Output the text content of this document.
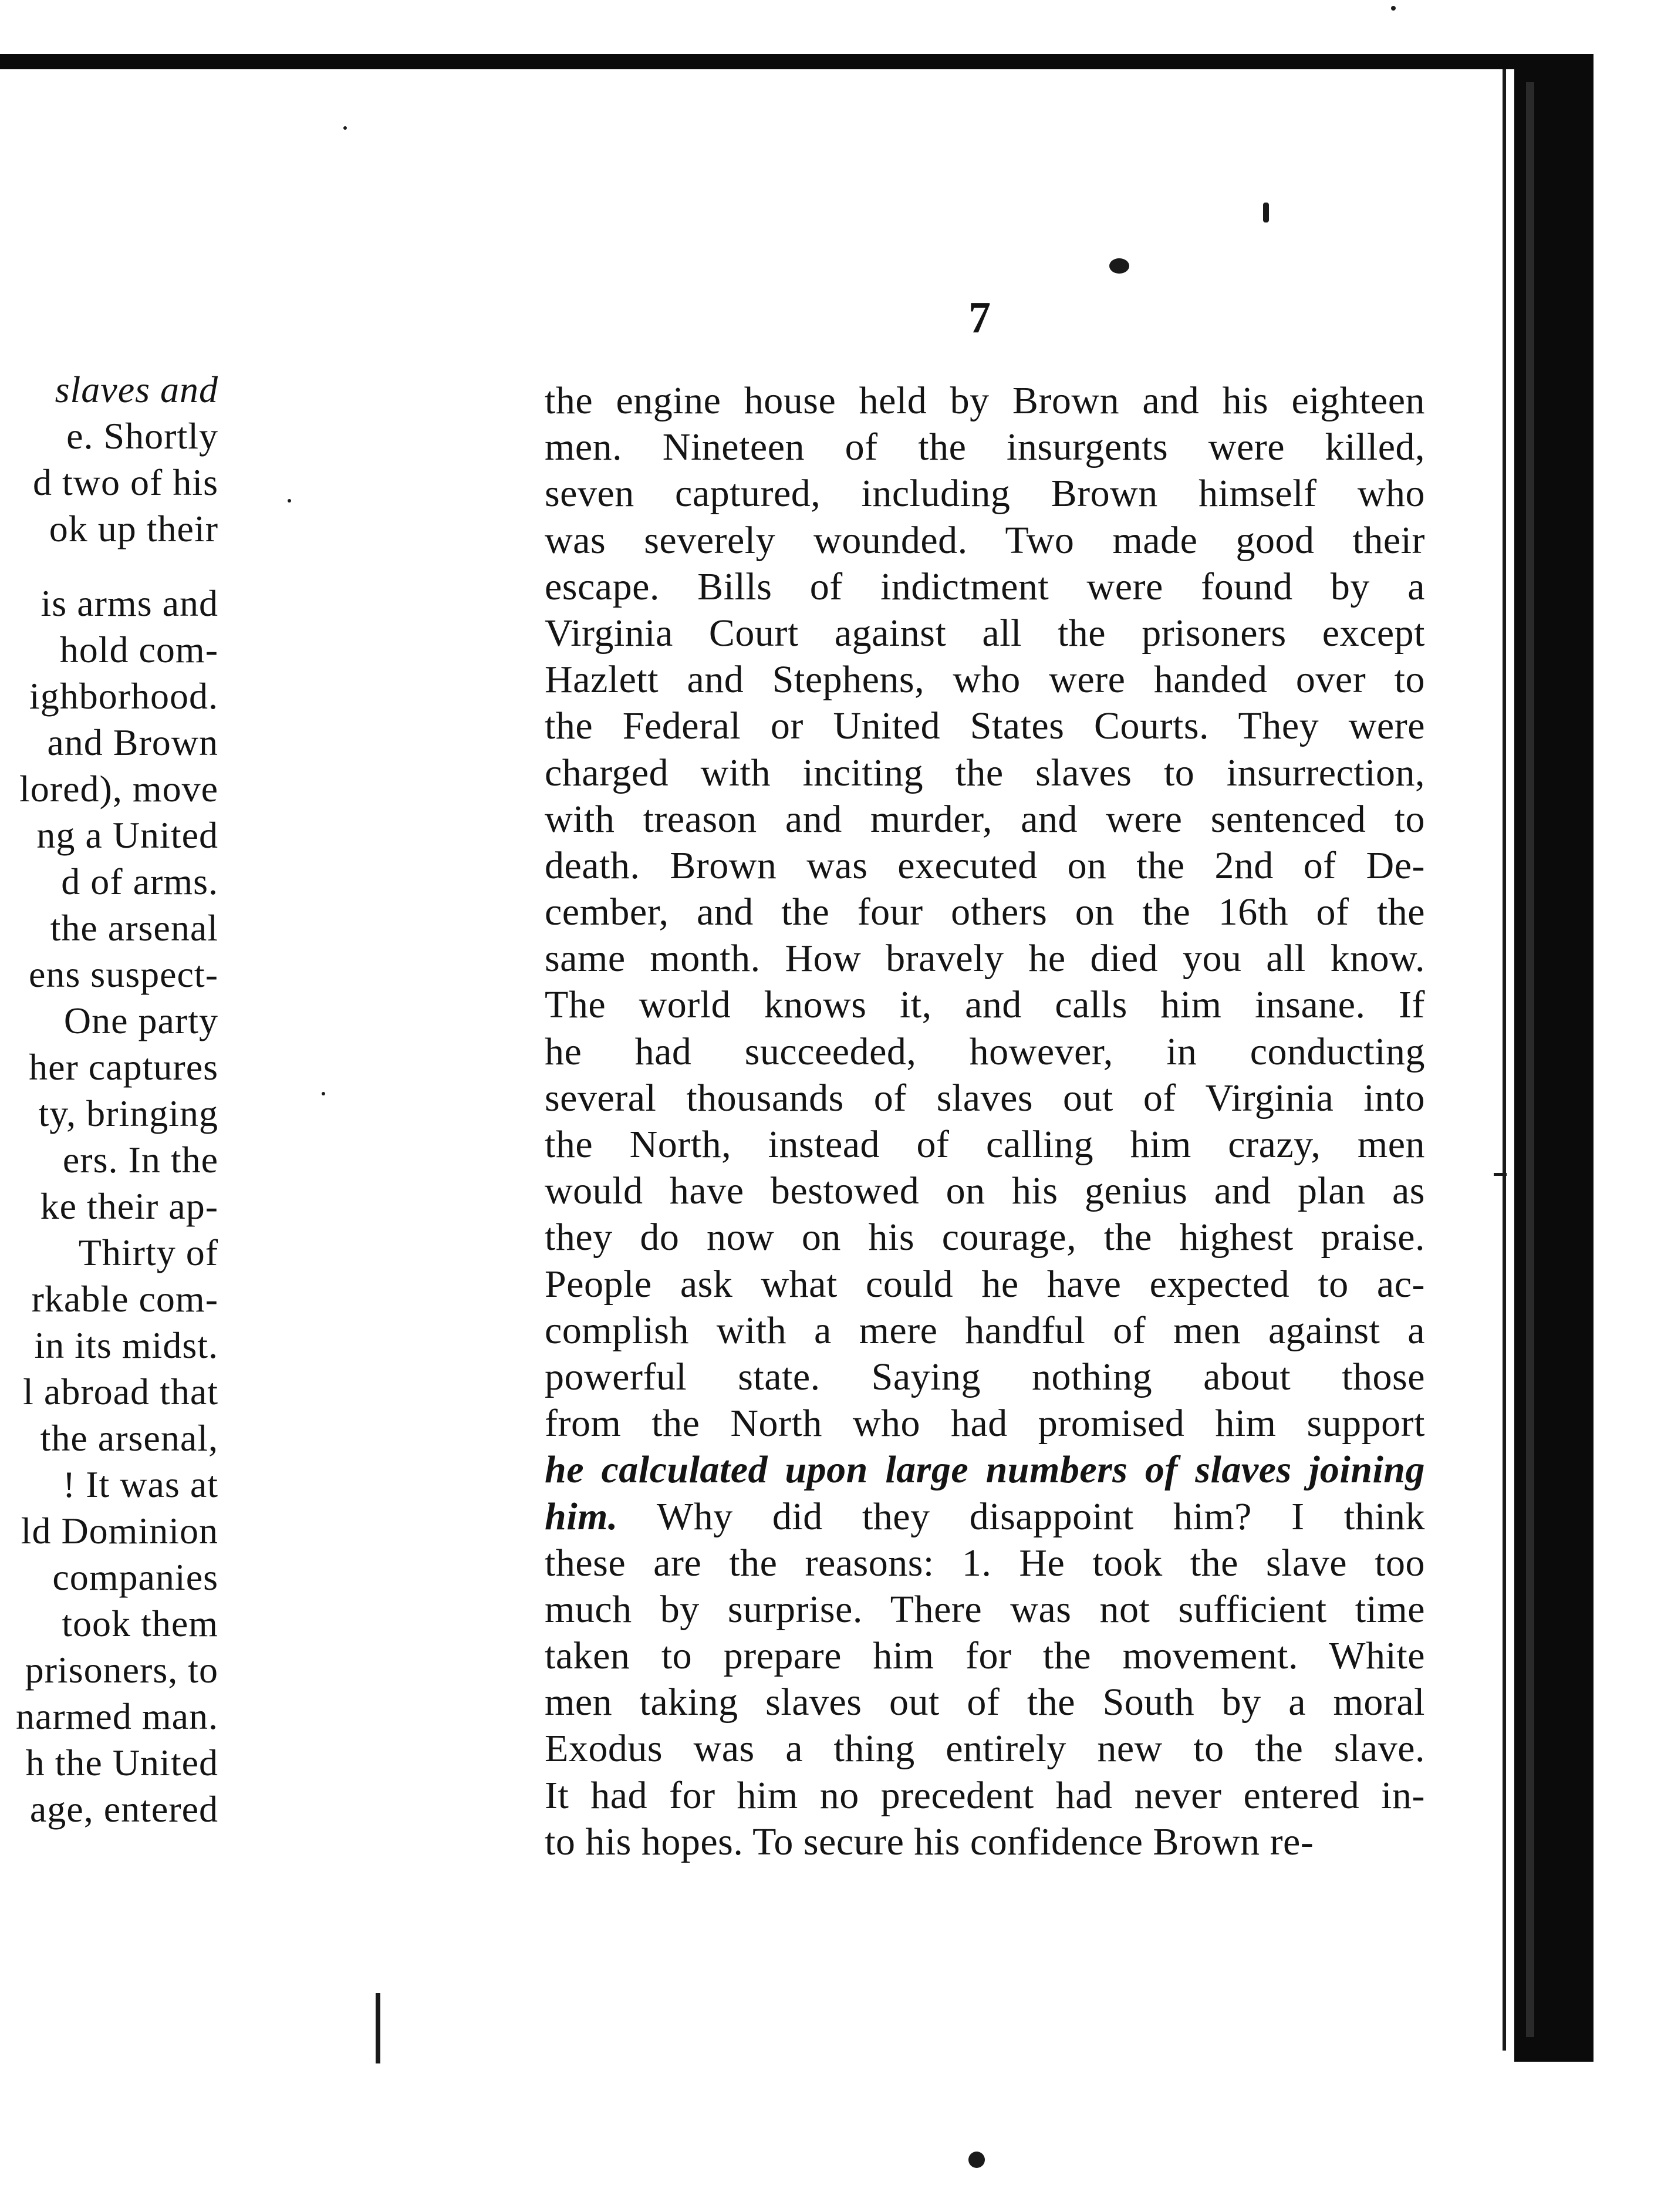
slaves and
e. Shortly
d two of his
ok up their
is arms and
hold com-
ighborhood.
and Brown
lored), move
ng a United
d of arms.
the arsenal
ens suspect-
One party
her captures
ty, bringing
ers. In the
ke their ap-
Thirty of
rkable com-
in its midst.
l abroad that
the arsenal,
! It was at
ld Dominion
companies
took them
prisoners, to
narmed man.
h the United
age, entered
7
the engine house held by Brown and his eighteen
men. Nineteen of the insurgents were killed,
seven captured, including Brown himself who
was severely wounded. Two made good their
escape. Bills of indictment were found by a
Virginia Court against all the prisoners except
Hazlett and Stephens, who were handed over to
the Federal or United States Courts. They were
charged with inciting the slaves to insurrection,
with treason and murder, and were sentenced to
death. Brown was executed on the 2nd of De-
cember, and the four others on the 16th of the
same month. How bravely he died you all know.
The world knows it, and calls him insane. If
he had succeeded, however, in conducting
several thousands of slaves out of Virginia into
the North, instead of calling him crazy, men
would have bestowed on his genius and plan as
they do now on his courage, the highest praise.
People ask what could he have expected to ac-
complish with a mere handful of men against a
powerful state. Saying nothing about those
from the North who had promised him support
he calculated upon large numbers of slaves joining
him. Why did they disappoint him? I think
these are the reasons: 1. He took the slave too
much by surprise. There was not sufficient time
taken to prepare him for the movement. White
men taking slaves out of the South by a moral
Exodus was a thing entirely new to the slave.
It had for him no precedent had never entered in-
to his hopes. To secure his confidence Brown re-
